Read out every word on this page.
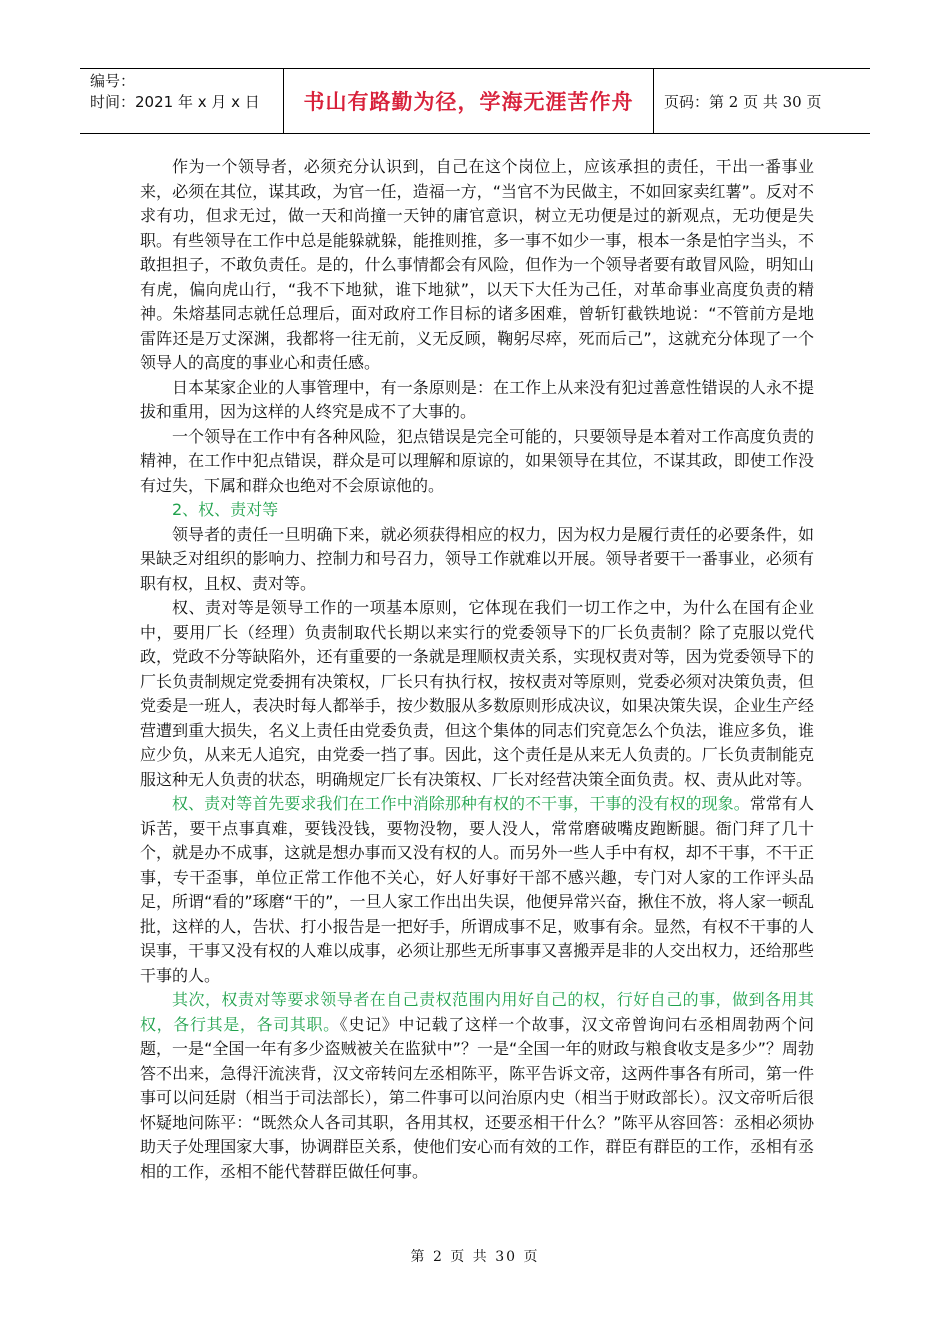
编号：
时间：2021 年 x 月 x 日	书山有路勤为径，学海无涯苦作舟	页码：第 2 页 共 30 页

作为一个领导者，必须充分认识到，自己在这个岗位上，应该承担的责任，干出一番事业来，必须在其位，谋其政，为官一任，造福一方，“当官不为民做主，不如回家卖红薯”。反对不求有功，但求无过，做一天和尚撞一天钟的庸官意识，树立无功便是过的新观点，无功便是失职。有些领导在工作中总是能躲就躲，能推则推，多一事不如少一事，根本一条是怕字当头，不敢担担子，不敢负责任。是的，什么事情都会有风险，但作为一个领导者要有敢冒风险，明知山有虎，偏向虎山行，“我不下地狱，谁下地狱”，以天下大任为己任，对革命事业高度负责的精神。朱熔基同志就任总理后，面对政府工作目标的诸多困难，曾斩钉截铁地说：“不管前方是地雷阵还是万丈深渊，我都将一往无前，义无反顾，鞠躬尽瘁，死而后己”，这就充分体现了一个领导人的高度的事业心和责任感。

日本某家企业的人事管理中，有一条原则是：在工作上从来没有犯过善意性错误的人永不提拔和重用，因为这样的人终究是成不了大事的。

一个领导在工作中有各种风险，犯点错误是完全可能的，只要领导是本着对工作高度负责的精神，在工作中犯点错误，群众是可以理解和原谅的，如果领导在其位，不谋其政，即使工作没有过失，下属和群众也绝对不会原谅他的。

2、权、责对等

领导者的责任一旦明确下来，就必须获得相应的权力，因为权力是履行责任的必要条件，如果缺乏对组织的影响力、控制力和号召力，领导工作就难以开展。领导者要干一番事业，必须有职有权，且权、责对等。

权、责对等是领导工作的一项基本原则，它体现在我们一切工作之中，为什么在国有企业中，要用厂长（经理）负责制取代长期以来实行的党委领导下的厂长负责制？除了克服以党代政，党政不分等缺陷外，还有重要的一条就是理顺权责关系，实现权责对等，因为党委领导下的厂长负责制规定党委拥有决策权，厂长只有执行权，按权责对等原则，党委必须对决策负责，但党委是一班人，表决时每人都举手，按少数服从多数原则形成决议，如果决策失误，企业生产经营遭到重大损失，名义上责任由党委负责，但这个集体的同志们究竟怎么个负法，谁应多负，谁应少负，从来无人追究，由党委一挡了事。因此，这个责任是从来无人负责的。厂长负责制能克服这种无人负责的状态，明确规定厂长有决策权、厂长对经营决策全面负责。权、责从此对等。

权、责对等首先要求我们在工作中消除那种有权的不干事，干事的没有权的现象。常常有人诉苦，要干点事真难，要钱没钱，要物没物，要人没人，常常磨破嘴皮跑断腿。衙门拜了几十个，就是办不成事，这就是想办事而又没有权的人。而另外一些人手中有权，却不干事，不干正事，专干歪事，单位正常工作他不关心，好人好事好干部不感兴趣，专门对人家的工作评头品足，所谓“看的”琢磨“干的”，一旦人家工作出出失误，他便异常兴奋，揪住不放，将人家一顿乱批，这样的人，告状、打小报告是一把好手，所谓成事不足，败事有余。显然，有权不干事的人误事，干事又没有权的人难以成事，必须让那些无所事事又喜搬弄是非的人交出权力，还给那些干事的人。

其次，权责对等要求领导者在自己责权范围内用好自己的权，行好自己的事，做到各用其权，各行其是，各司其职。《史记》中记载了这样一个故事，汉文帝曾询问右丞相周勃两个问题，一是“全国一年有多少盗贼被关在监狱中”？一是“全国一年的财政与粮食收支是多少”？周勃答不出来，急得汗流浃背，汉文帝转问左丞相陈平，陈平告诉文帝，这两件事各有所司，第一件事可以问廷尉（相当于司法部长），第二件事可以问治原内史（相当于财政部长）。汉文帝听后很怀疑地问陈平：“既然众人各司其职，各用其权，还要丞相干什么？”陈平从容回答：丞相必须协助天子处理国家大事，协调群臣关系，使他们安心而有效的工作，群臣有群臣的工作，丞相有丞相的工作，丞相不能代替群臣做任何事。

第 2 页 共 30 页
